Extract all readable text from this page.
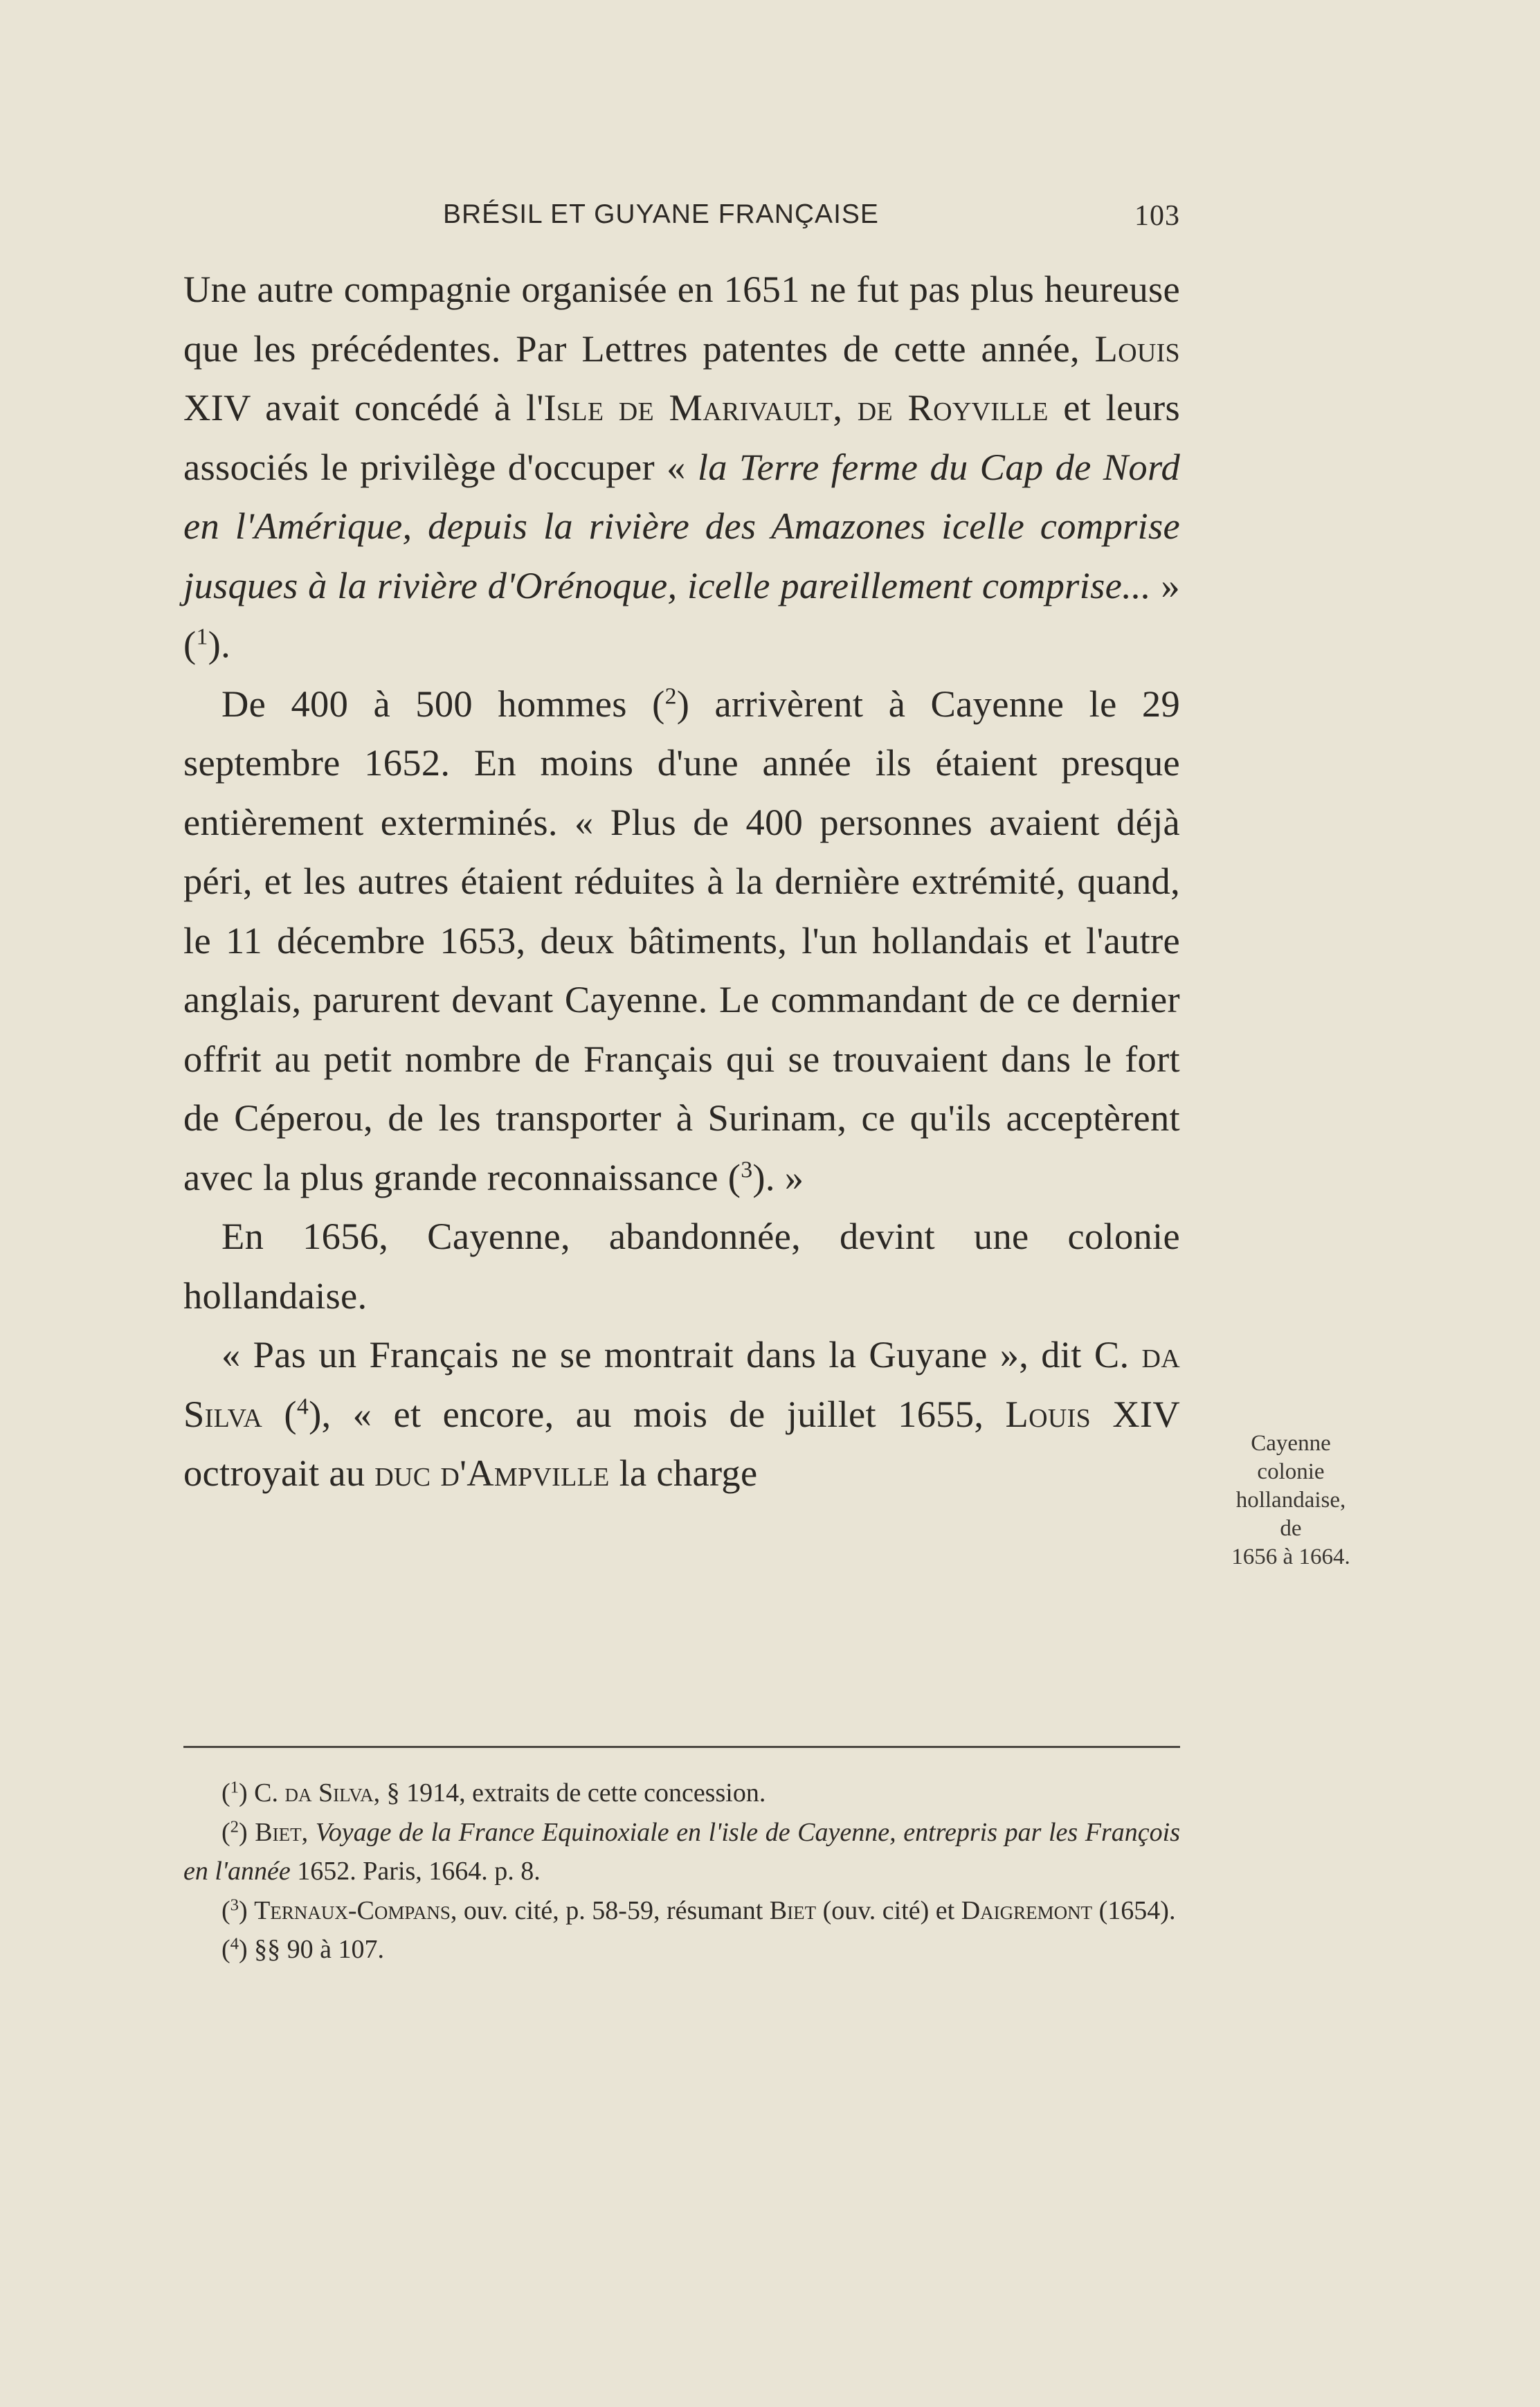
BRÉSIL ET GUYANE FRANÇAISE	103

Une autre compagnie organisée en 1651 ne fut pas plus heureuse que les précédentes. Par Lettres patentes de cette année, Louis XIV avait concédé à l'Isle de Marivault, de Royville et leurs associés le privilège d'occuper « la Terre ferme du Cap de Nord en l'Amérique, depuis la rivière des Amazones icelle comprise jusques à la rivière d'Orénoque, icelle pareillement comprise... » ($^1$).

De 400 à 500 hommes ($^2$) arrivèrent à Cayenne le 29 septembre 1652. En moins d'une année ils étaient presque entièrement exterminés. « Plus de 400 personnes avaient déjà péri, et les autres étaient réduites à la dernière extrémité, quand, le 11 décembre 1653, deux bâtiments, l'un hollandais et l'autre anglais, parurent devant Cayenne. Le commandant de ce dernier offrit au petit nombre de Français qui se trouvaient dans le fort de Céperou, de les transporter à Surinam, ce qu'ils acceptèrent avec la plus grande reconnaissance ($^3$). »

En 1656, Cayenne, abandonnée, devint une colonie hollandaise.

« Pas un Français ne se montrait dans la Guyane », dit C. da Silva ($^4$), « et encore, au mois de juillet 1655, Louis XIV octroyait au duc d'Ampville la charge

Cayenne
colonie
hollandaise,
de
1656 à 1664.

($^1$) C. da Silva, § 1914, extraits de cette concession.

($^2$) Biet, Voyage de la France Equinoxiale en l'isle de Cayenne, entrepris par les François en l'année 1652. Paris, 1664. p. 8.

($^3$) Ternaux-Compans, ouv. cité, p. 58-59, résumant Biet (ouv. cité) et Daigremont (1654).

($^4$) §§ 90 à 107.
